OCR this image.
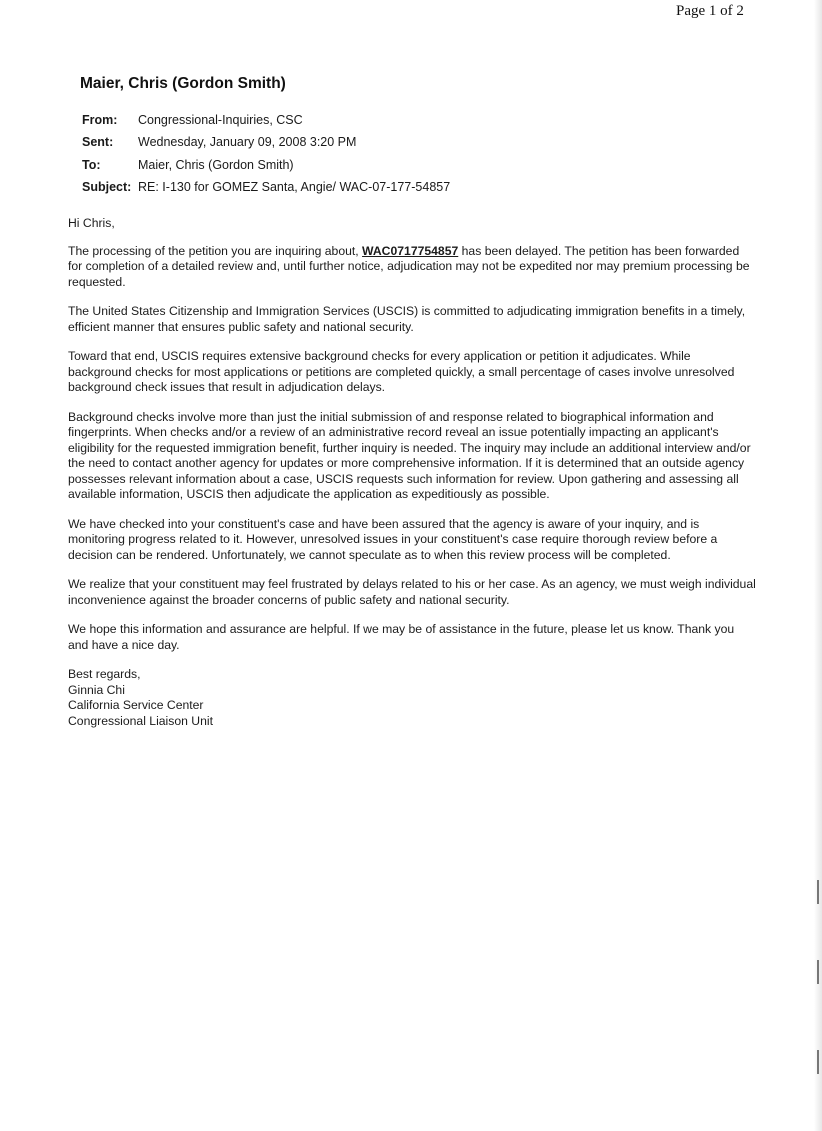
Page 1 of 2
Maier, Chris (Gordon Smith)
From:	Congressional-Inquiries, CSC
Sent:	Wednesday, January 09, 2008 3:20 PM
To:	Maier, Chris (Gordon Smith)
Subject: RE: I-130 for GOMEZ Santa, Angie/ WAC-07-177-54857

Hi Chris,

The processing of the petition you are inquiring about, WAC0717754857 has been delayed. The petition has been forwarded for completion of a detailed review and, until further notice, adjudication may not be expedited nor may premium processing be requested.

The United States Citizenship and Immigration Services (USCIS) is committed to adjudicating immigration benefits in a timely, efficient manner that ensures public safety and national security.

Toward that end, USCIS requires extensive background checks for every application or petition it adjudicates. While background checks for most applications or petitions are completed quickly, a small percentage of cases involve unresolved background check issues that result in adjudication delays.

Background checks involve more than just the initial submission of and response related to biographical information and fingerprints. When checks and/or a review of an administrative record reveal an issue potentially impacting an applicant's eligibility for the requested immigration benefit, further inquiry is needed. The inquiry may include an additional interview and/or the need to contact another agency for updates or more comprehensive information. If it is determined that an outside agency possesses relevant information about a case, USCIS requests such information for review. Upon gathering and assessing all available information, USCIS then adjudicate the application as expeditiously as possible.

We have checked into your constituent's case and have been assured that the agency is aware of your inquiry, and is monitoring progress related to it. However, unresolved issues in your constituent's case require thorough review before a decision can be rendered. Unfortunately, we cannot speculate as to when this review process will be completed.

We realize that your constituent may feel frustrated by delays related to his or her case. As an agency, we must weigh individual inconvenience against the broader concerns of public safety and national security.

We hope this information and assurance are helpful. If we may be of assistance in the future, please let us know. Thank you and have a nice day.

Best regards,
Ginnia Chi
California Service Center
Congressional Liaison Unit
